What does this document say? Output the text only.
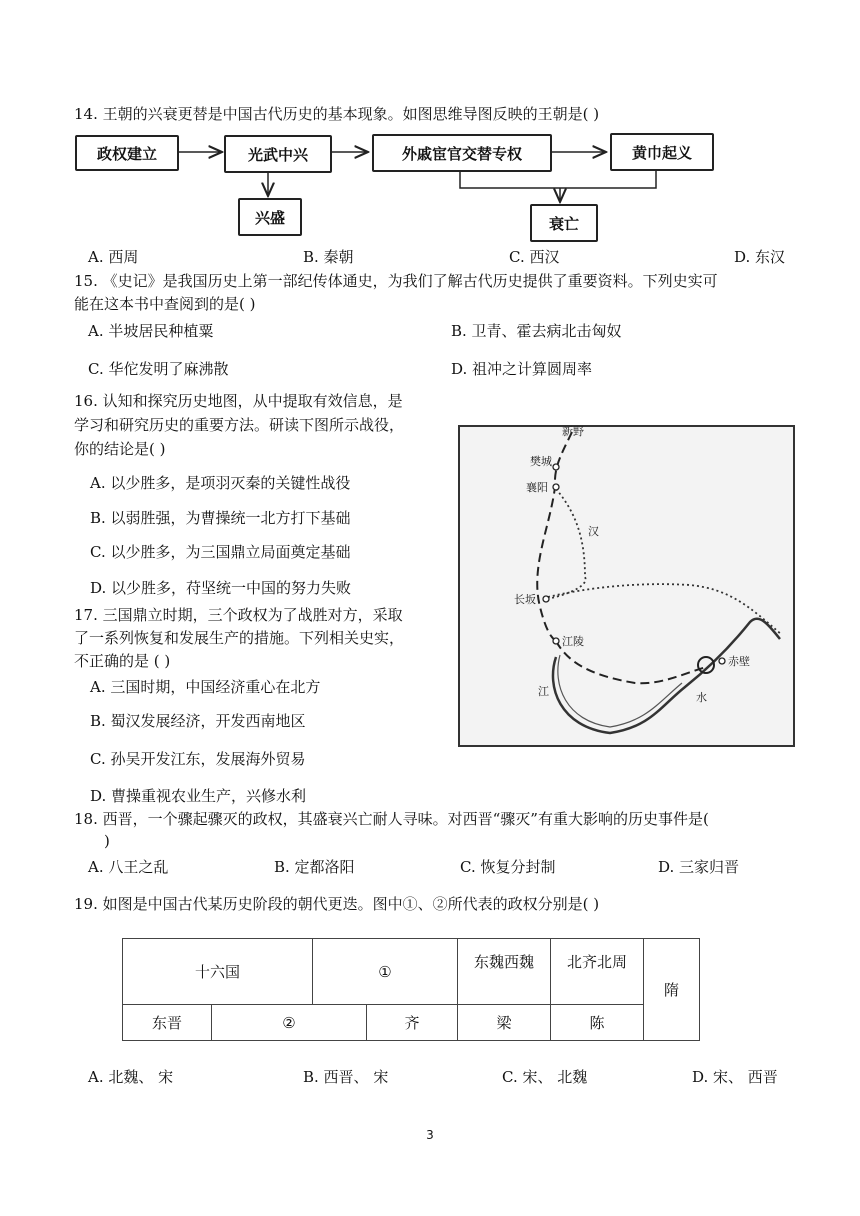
14. 王朝的兴衰更替是中国古代历史的基本现象。如图思维导图反映的王朝是( )
政权建立	光武中兴	外戚宦官交替专权	黄巾起义
兴盛	衰亡
A. 西周	B. 秦朝	C. 西汉	D. 东汉
15. 《史记》是我国历史上第一部纪传体通史，为我们了解古代历史提供了重要资料。下列史实可
能在这本书中查阅到的是( )
A. 半坡居民种植粟	B. 卫青、霍去病北击匈奴
C. 华佗发明了麻沸散	D. 祖冲之计算圆周率
16. 认知和探究历史地图，从中提取有效信息，是
学习和研究历史的重要方法。研读下图所示战役，
你的结论是( )
A. 以少胜多，是项羽灭秦的关键性战役
B. 以弱胜强，为曹操统一北方打下基础
C. 以少胜多，为三国鼎立局面奠定基础
D. 以少胜多，苻坚统一中国的努力失败
新野
樊城
襄阳
汉
长坂
江陵
赤壁
江	水
17. 三国鼎立时期，三个政权为了战胜对方，采取
了一系列恢复和发展生产的措施。下列相关史实，
不正确的是 ( )
A. 三国时期，中国经济重心在北方
B. 蜀汉发展经济，开发西南地区
C. 孙吴开发江东，发展海外贸易
D. 曹操重视农业生产，兴修水利
18. 西晋，一个骤起骤灭的政权，其盛衰兴亡耐人寻味。对西晋“骤灭”有重大影响的历史事件是(
)
A. 八王之乱	B. 定都洛阳	C. 恢复分封制	D. 三家归晋
19. 如图是中国古代某历史阶段的朝代更迭。图中①、②所代表的政权分别是( )
十六国		①		东魏西魏	北齐北周	隋
东晋	②		齐	梁	陈	
A. 北魏、 宋	B. 西晋、 宋	C. 宋、 北魏	D. 宋、 西晋
3
